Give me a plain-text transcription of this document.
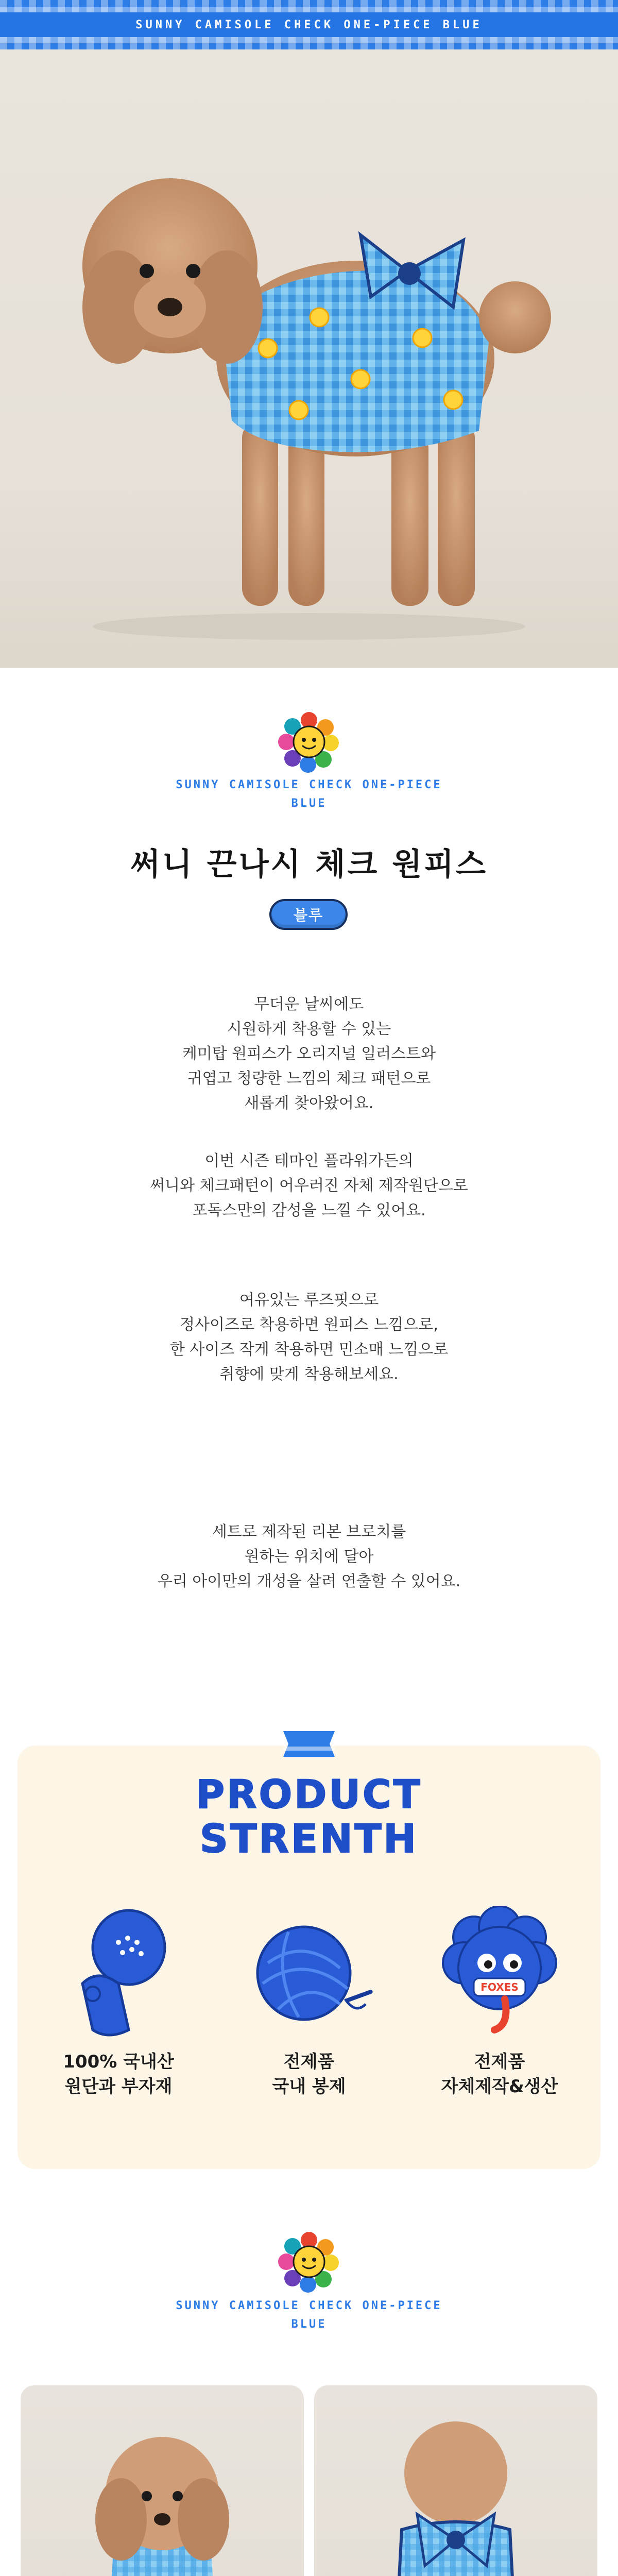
SUNNY CAMISOLE CHECK ONE-PIECE BLUE
SUNNY CAMISOLE CHECK ONE-PIECE
BLUE
써니 끈나시 체크 원피스
블루
무더운 날씨에도
시원하게 착용할 수 있는
케미탑 원피스가 오리지널 일러스트와
귀엽고 청량한 느낌의 체크 패턴으로
새롭게 찾아왔어요.
이번 시즌 테마인 플라워가든의
써니와 체크패턴이 어우러진 자체 제작원단으로
포독스만의 감성을 느낄 수 있어요.
여유있는 루즈핏으로
정사이즈로 착용하면 원피스 느낌으로,
한 사이즈 작게 착용하면 민소매 느낌으로
취향에 맞게 착용해보세요.
세트로 제작된 리본 브로치를
원하는 위치에 달아
우리 아이만의 개성을 살려 연출할 수 있어요.
PRODUCT
STRENTH
100% 국내산
원단과 부자재
전제품
국내 봉제
FOXES
전제품
자체제작&생산
SUNNY CAMISOLE CHECK ONE-PIECE
BLUE
